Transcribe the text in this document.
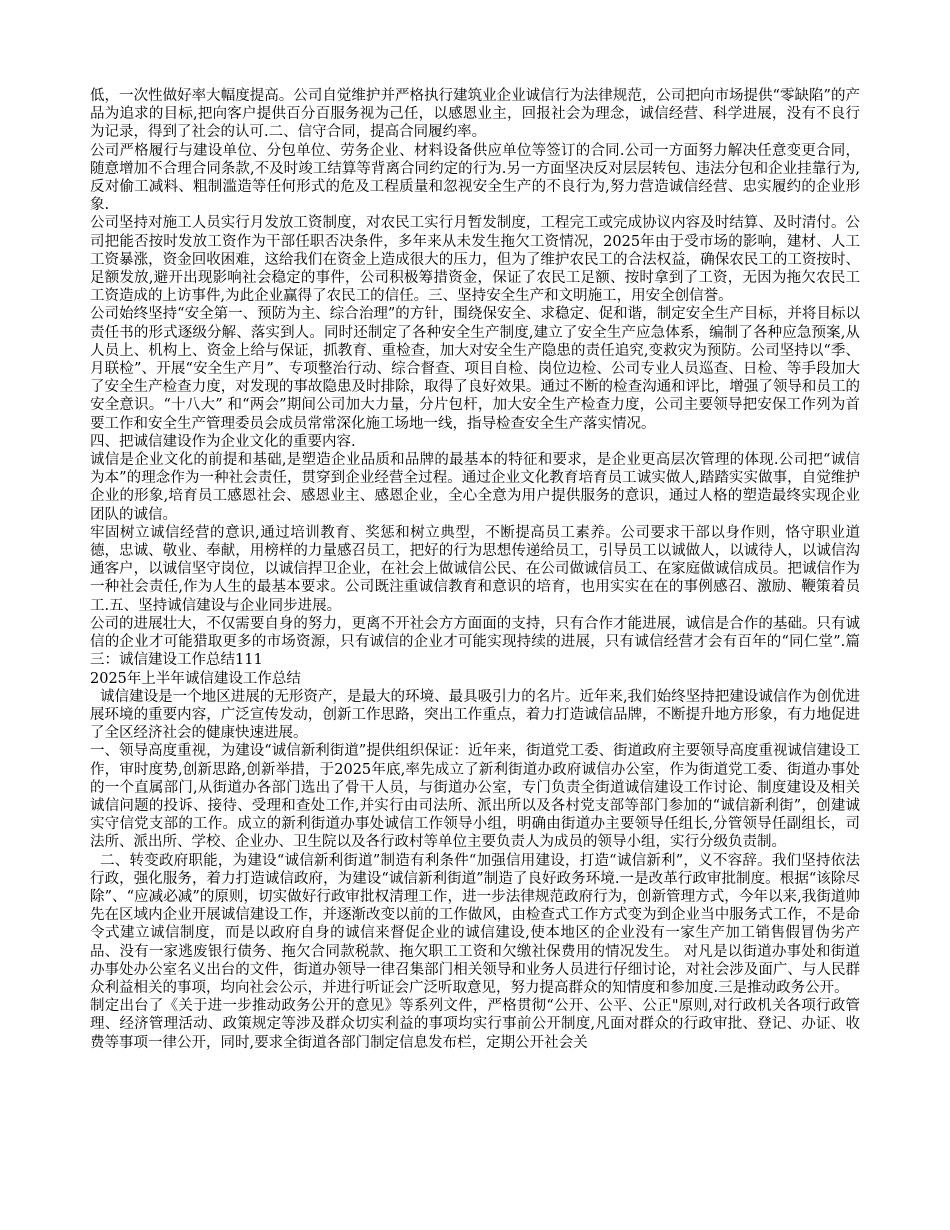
低，一次性做好率大幅度提高。公司自觉维护并严格执行建筑业企业诚信行为法律规范，公司把向市场提供“零缺陷”的产品为追求的目标,把向客户提供百分百服务视为己任，以感恩业主，回报社会为理念，诚信经营、科学进展，没有不良行为记录，得到了社会的认可.二、信守合同，提高合同履约率。

公司严格履行与建设单位、分包单位、劳务企业、材料设备供应单位等签订的合同.公司一方面努力解决任意变更合同，随意增加不合理合同条款,不及时竣工结算等背离合同约定的行为.另一方面坚决反对层层转包、违法分包和企业挂靠行为,反对偷工减料、粗制滥造等任何形式的危及工程质量和忽视安全生产的不良行为,努力营造诚信经营、忠实履约的企业形象.

公司坚持对施工人员实行月发放工资制度，对农民工实行月暂发制度，工程完工或完成协议内容及时结算、及时清付。公司把能否按时发放工资作为干部任职否决条件，多年来从未发生拖欠工资情况，2025年由于受市场的影响，建材、人工工资暴涨，资金回收困难，这给我们在资金上造成很大的压力，但为了维护农民工的合法权益，确保农民工的工资按时、足额发放,避开出现影响社会稳定的事件，公司积极筹措资金，保证了农民工足额、按时拿到了工资，无因为拖欠农民工工资造成的上访事件,为此企业赢得了农民工的信任。三、坚持安全生产和文明施工，用安全创信誉。

公司始终坚持“安全第一、预防为主、综合治理”的方针，围绕保安全、求稳定、促和谐，制定安全生产目标，并将目标以责任书的形式逐级分解、落实到人。同时还制定了各种安全生产制度,建立了安全生产应急体系，编制了各种应急预案,从人员上、机构上、资金上给与保证，抓教育、重检查，加大对安全生产隐患的责任追究,变救灾为预防。公司坚持以“季、月联检”、开展“安全生产月”、专项整治行动、综合督查、项目自检、岗位边检、公司专业人员巡查、日检、等手段加大了安全生产检查力度，对发现的事故隐患及时排除，取得了良好效果。通过不断的检查沟通和评比，增强了领导和员工的安全意识。“十八大” 和“两会”期间公司加大力量，分片包杆，加大安全生产检查力度，公司主要领导把安保工作列为首要工作和安全生产管理委员会成员常常深化施工场地一线，指导检查安全生产落实情况。

四、把诚信建设作为企业文化的重要内容.

诚信是企业文化的前提和基础,是塑造企业品质和品牌的最基本的特征和要求，是企业更高层次管理的体现.公司把“诚信为本”的理念作为一种社会责任，贯穿到企业经营全过程。通过企业文化教育培育员工诚实做人,踏踏实实做事，自觉维护企业的形象,培育员工感恩社会、感恩业主、感恩企业，全心全意为用户提供服务的意识，通过人格的塑造最终实现企业团队的诚信。

牢固树立诚信经营的意识,通过培训教育、奖惩和树立典型，不断提高员工素养。公司要求干部以身作则，恪守职业道德，忠诚、敬业、奉献，用榜样的力量感召员工，把好的行为思想传递给员工，引导员工以诚做人，以诚待人，以诚信沟通客户，以诚信坚守岗位，以诚信捍卫企业，在社会上做诚信公民、在公司做诚信员工、在家庭做诚信成员。把诚信作为一种社会责任,作为人生的最基本要求。公司既注重诚信教育和意识的培育，也用实实在在的事例感召、激励、鞭策着员工.五、坚持诚信建设与企业同步进展。

公司的进展壮大，不仅需要自身的努力，更离不开社会方方面面的支持，只有合作才能进展，诚信是合作的基础。只有诚信的企业才可能猎取更多的市场资源，只有诚信的企业才可能实现持续的进展，只有诚信经营才会有百年的“同仁堂”.篇三：诚信建设工作总结111

2025年上半年诚信建设工作总结

诚信建设是一个地区进展的无形资产，是最大的环境、最具吸引力的名片。近年来,我们始终坚持把建设诚信作为创优进展环境的重要内容，广泛宣传发动，创新工作思路，突出工作重点，着力打造诚信品牌，不断提升地方形象，有力地促进了全区经济社会的健康快速进展。

一、领导高度重视，为建设“诚信新利街道”提供组织保证：近年来，街道党工委、街道政府主要领导高度重视诚信建设工作，审时度势,创新思路,创新举措，于2025年底,率先成立了新利街道办政府诚信办公室，作为街道党工委、街道办事处的一个直属部门,从街道办各部门选出了骨干人员，与街道办公室，专门负责全街道诚信建设工作讨论、制度建设及相关诚信问题的投诉、接待、受理和查处工作,并实行由司法所、派出所以及各村党支部等部门参加的“诚信新利街”，创建诚实守信党支部的工作。成立的新利街道办事处诚信工作领导小组，明确由街道办主要领导任组长,分管领导任副组长，司法所、派出所、学校、企业办、卫生院以及各行政村等单位主要负责人为成员的领导小组，实行分级负责制。

二、转变政府职能，为建设“诚信新利街道”制造有利条件“加强信用建设，打造“诚信新利”，义不容辞。我们坚持依法行政，强化服务，着力打造诚信政府，为建设“诚信新利街道”制造了良好政务环境.一是改革行政审批制度。根据“该除尽除”、“应减必减”的原则，切实做好行政审批权清理工作，进一步法律规范政府行为，创新管理方式，今年以来,我街道帅先在区域内企业开展诚信建设工作，并逐渐改变以前的工作做风，由检查式工作方式变为到企业当中服务式工作，不是命令式建立诚信制度，而是以政府自身的诚信来督促企业的诚信建设,使本地区的企业没有一家生产加工销售假冒伪劣产品、没有一家逃废银行债务、拖欠合同款税款、拖欠职工工资和欠缴社保费用的情况发生。 对凡是以街道办事处和街道办事处办公室名义出台的文件，街道办领导一律召集部门相关领导和业务人员进行仔细讨论，对社会涉及面广、与人民群众利益相关的事项，均向社会公示，并进行听证会广泛听取意见，努力提高群众的知情度和参加度.三是推动政务公开。

制定出台了《关于进一步推动政务公开的意见》等系列文件，严格贯彻“公开、公平、公正"原则,对行政机关各项行政管理、经济管理活动、政策规定等涉及群众切实利益的事项均实行事前公开制度,凡面对群众的行政审批、登记、办证、收费等事项一律公开，同时,要求全街道各部门制定信息发布栏，定期公开社会关
